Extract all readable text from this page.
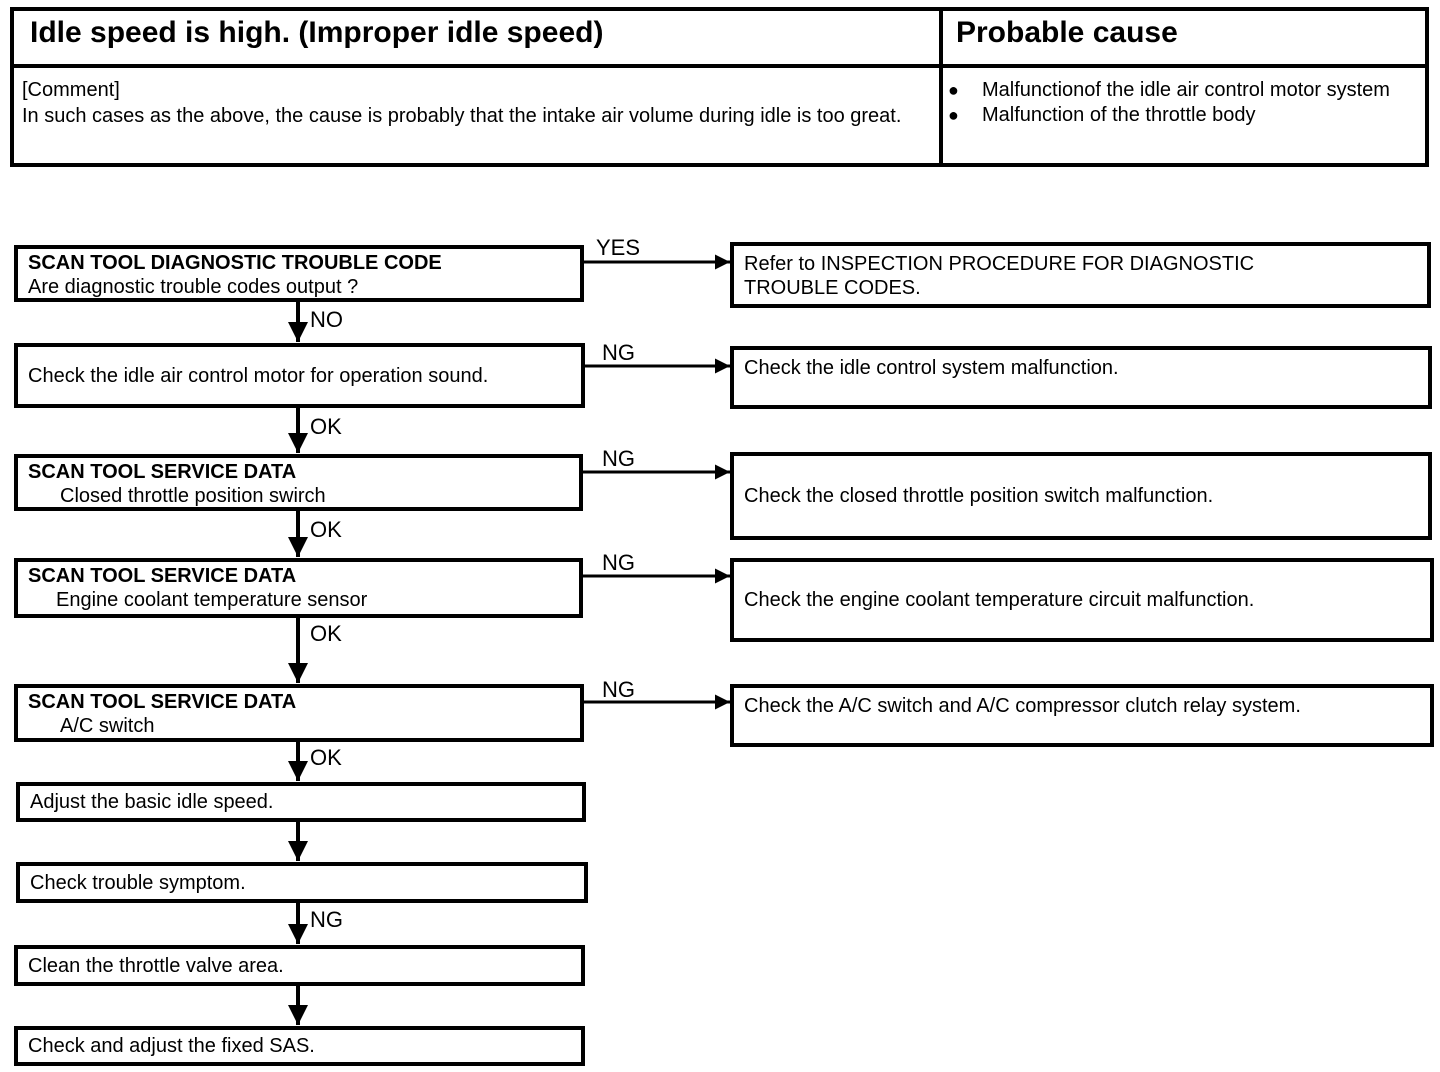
Idle speed is high. (Improper idle speed)	Probable cause
[Comment]
In such cases as the above, the cause is probably that the intake air volume during idle is too great.
● Malfunctionof the idle air control motor system
● Malfunction of the throttle body
SCAN TOOL DIAGNOSTIC TROUBLE CODE
Are diagnostic trouble codes output ?
Check the idle air control motor for operation sound.
SCAN TOOL SERVICE DATA
Closed throttle position swirch
SCAN TOOL SERVICE DATA
Engine coolant temperature sensor
SCAN TOOL SERVICE DATA
A/C switch
Adjust the basic idle speed.
Check trouble symptom.
Clean the throttle valve area.
Check and adjust the fixed SAS.
Refer to INSPECTION PROCEDURE FOR DIAGNOSTIC
TROUBLE CODES.
Check the idle control system malfunction.
Check the closed throttle position switch malfunction.
Check the engine coolant temperature circuit malfunction.
Check the A/C switch and A/C compressor clutch relay system.
YES
NO
NG
OK
NG
OK
NG
OK
NG
OK
NG
